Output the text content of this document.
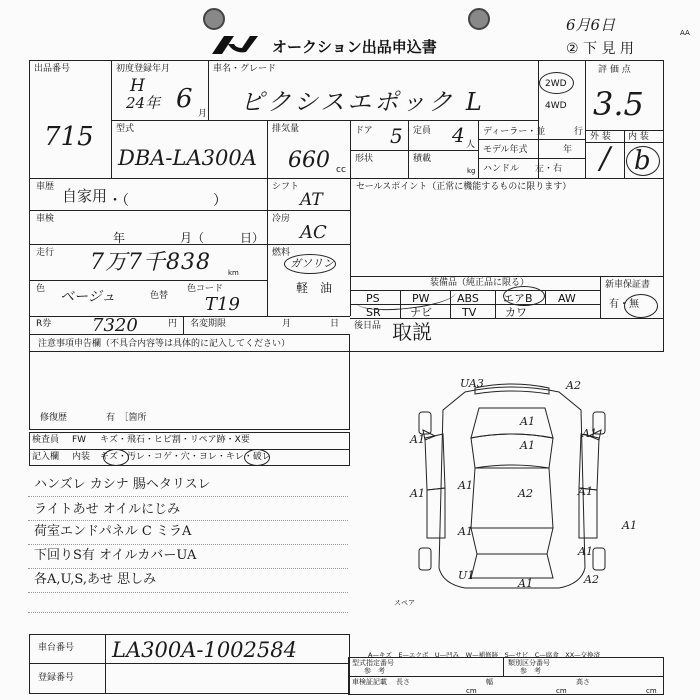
6月6日	AA
オークション出品申込書	② 下 見 用
出品番号
715
初度登録年月
H
24年 6 月
車名・グレード
ピクシスエポック L
2WD
4WD
評 価 点
3.5
外 装 内 装
/ b
型式
DBA-LA300A
排気量
660 cc
ドア 5 定員 4 人
形状	積載
kg
ディーラー・並	行
モデル年式	年
ハンドル 左・右
車歴 自家用 ・（　　　　　　）
シフト
AT
車検
年	月（	日）
冷房
AC
走行 7万7千838 km
燃料
ガソリン
軽　油
色 ベージュ	色替
色コード
T19
R券 7320	円 名変期限	月	日
セールスポイント（正常に機能するものに限ります）
装備品（純正品に限る）
PS	PW ABS エアB AW
SR	ナビ	TV	カワ
新車保証書
有・無
後日品 取説
注意事項申告欄（不具合内容等は具体的に記入してください）
修復歴	有　［箇所
検査員
記入欄
FW キズ・飛石・ヒビ割・リペア跡・X要
内装 キズ・汚レ・コゲ・穴・ヨレ・キレ・破レ
ハンズレ カシナ 腸ヘタリスレ
ライトあせ オイルにじみ
荷室エンドパネル C ミラA
下回りS有 オイルカバーUA
各A,U,S,あせ 思しみ
UA3	A2
A1
A1	A1
A1
A2
A1
A1	A1
A1	A1
U1
A1
A1
A2
スペア
車台番号 LA300A-1002584
登録番号
A—キズ　E—エクボ　U—凹み　W—補修跡　S—サビ　C—腐食　XX—交換済
型式指定番号
参　考
類別区分番号
参　考
車検証記載 長さ
cm
幅
cm
高さ
cm
